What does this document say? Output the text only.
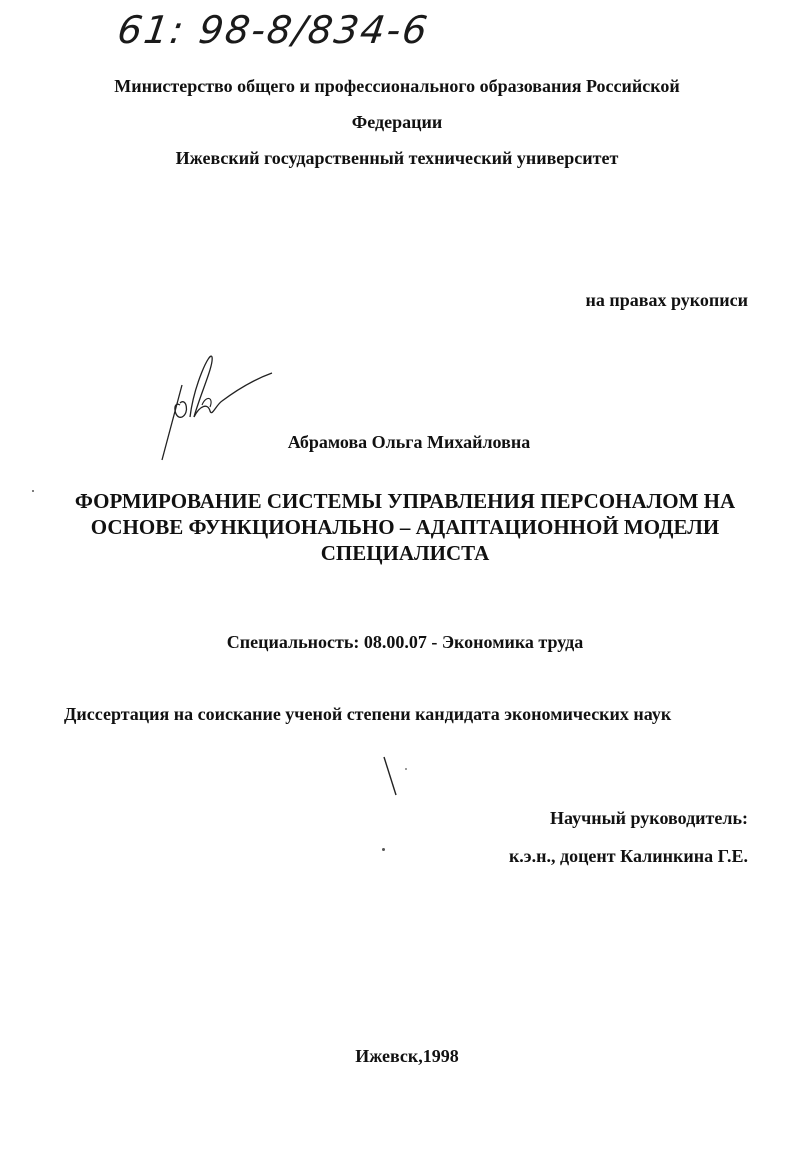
61: 98-8/834-6
Министерство общего и профессионального образования Российской
Федерации
Ижевский государственный технический университет
на правах рукописи
Абрамова Ольга Михайловна
ФОРМИРОВАНИЕ СИСТЕМЫ УПРАВЛЕНИЯ ПЕРСОНАЛОМ НА
ОСНОВЕ ФУНКЦИОНАЛЬНО – АДАПТАЦИОННОЙ МОДЕЛИ
СПЕЦИАЛИСТА
Специальность: 08.00.07 - Экономика труда
Диссертация на соискание ученой степени кандидата экономических наук
Научный руководитель:
к.э.н., доцент Калинкина Г.Е.
Ижевск,1998
